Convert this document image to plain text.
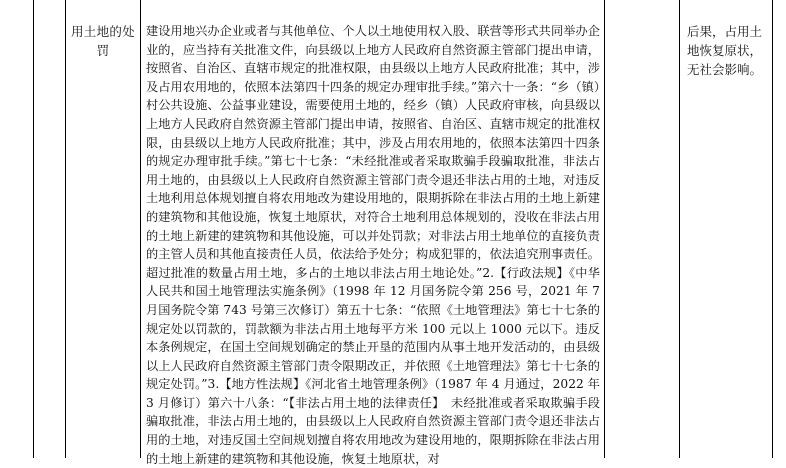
用土地的处罚
建设用地兴办企业或者与其他单位、个人以土地使用权入股、联营等形式共同举办企业的，应当持有关批准文件，向县级以上地方人民政府自然资源主管部门提出申请，按照省、自治区、直辖市规定的批准权限，由县级以上地方人民政府批准；其中，涉及占用农用地的，依照本法第四十四条的规定办理审批手续。”第六十一条：“乡（镇）村公共设施、公益事业建设，需要使用土地的，经乡（镇）人民政府审核，向县级以上地方人民政府自然资源主管部门提出申请，按照省、自治区、直辖市规定的批准权限，由县级以上地方人民政府批准；其中，涉及占用农用地的，依照本法第四十四条的规定办理审批手续。”第七十七条：“未经批准或者采取欺骗手段骗取批准，非法占用土地的，由县级以上人民政府自然资源主管部门责令退还非法占用的土地，对违反土地利用总体规划擅自将农用地改为建设用地的，限期拆除在非法占用的土地上新建的建筑物和其他设施，恢复土地原状，对符合土地利用总体规划的，没收在非法占用的土地上新建的建筑物和其他设施，可以并处罚款；对非法占用土地单位的直接负责的主管人员和其他直接责任人员，依法给予处分；构成犯罪的，依法追究刑事责任。超过批准的数量占用土地，多占的土地以非法占用土地论处。”2.【行政法规】《中华人民共和国土地管理法实施条例》（1998 年 12 月国务院令第 256 号，2021 年 7 月国务院令第 743 号第三次修订）第五十七条：“依照《土地管理法》第七十七条的规定处以罚款的，罚款额为非法占用土地每平方米 100 元以上 1000 元以下。违反本条例规定，在国土空间规划确定的禁止开垦的范围内从事土地开发活动的，由县级以上人民政府自然资源主管部门责令限期改正，并依照《土地管理法》第七十七条的规定处罚。”3.【地方性法规】《河北省土地管理条例》（1987 年 4 月通过，2022 年 3 月修订）第六十八条：“【非法占用土地的法律责任】　未经批准或者采取欺骗手段骗取批准，非法占用土地的，由县级以上人民政府自然资源主管部门责令退还非法占用的土地，对违反国土空间规划擅自将农用地改为建设用地的，限期拆除在非法占用的土地上新建的建筑物和其他设施，恢复土地原状，对
后果，占用土地恢复原状，无社会影响。
